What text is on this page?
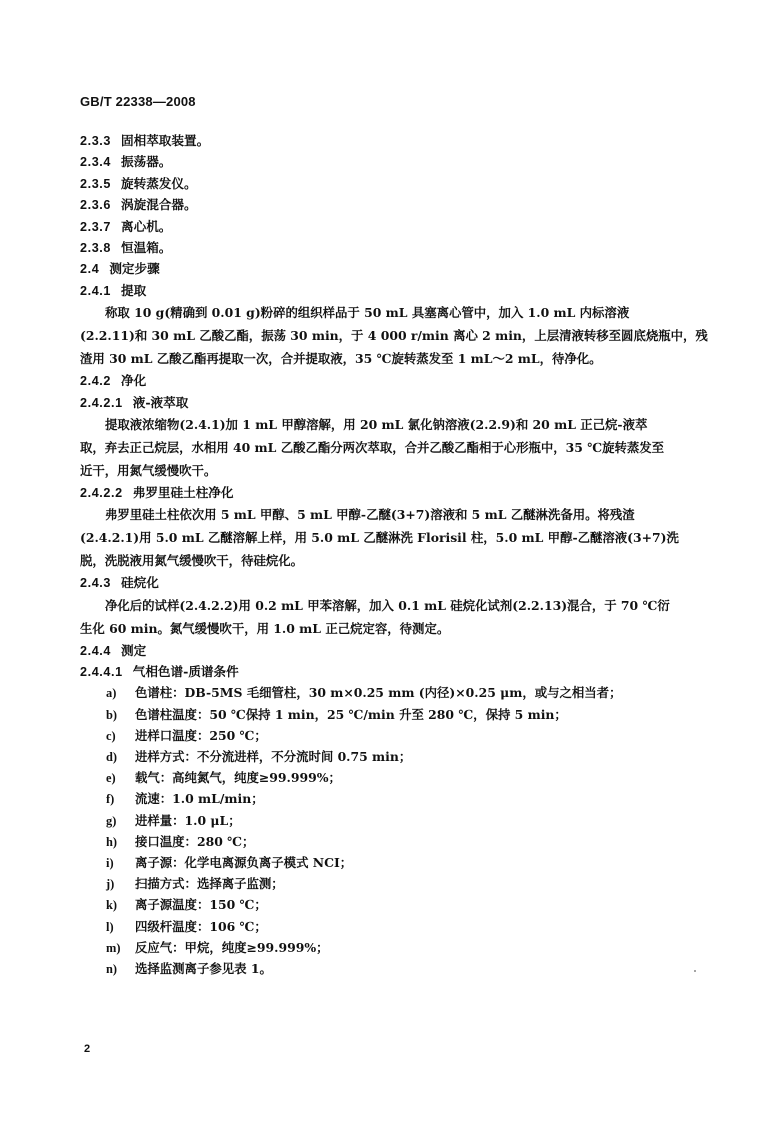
GB/T 22338—2008
2.3.3 固相萃取装置。
2.3.4 振荡器。
2.3.5 旋转蒸发仪。
2.3.6 涡旋混合器。
2.3.7 离心机。
2.3.8 恒温箱。
2.4 测定步骤
2.4.1 提取
称取 10 g(精确到 0.01 g)粉碎的组织样品于 50 mL 具塞离心管中，加入 1.0 mL 内标溶液
(2.2.11)和 30 mL 乙酸乙酯，振荡 30 min，于 4 000 r/min 离心 2 min，上层清液转移至圆底烧瓶中，残
渣用 30 mL 乙酸乙酯再提取一次，合并提取液，35 ℃旋转蒸发至 1 mL～2 mL，待净化。
2.4.2 净化
2.4.2.1 液-液萃取
提取液浓缩物(2.4.1)加 1 mL 甲醇溶解，用 20 mL 氯化钠溶液(2.2.9)和 20 mL 正己烷-液萃
取，弃去正己烷层，水相用 40 mL 乙酸乙酯分两次萃取，合并乙酸乙酯相于心形瓶中，35 ℃旋转蒸发至
近干，用氮气缓慢吹干。
2.4.2.2 弗罗里硅土柱净化
弗罗里硅土柱依次用 5 mL 甲醇、5 mL 甲醇-乙醚(3+7)溶液和 5 mL 乙醚淋洗备用。将残渣
(2.4.2.1)用 5.0 mL 乙醚溶解上样，用 5.0 mL 乙醚淋洗 Florisil 柱，5.0 mL 甲醇-乙醚溶液(3+7)洗
脱，洗脱液用氮气缓慢吹干，待硅烷化。
2.4.3 硅烷化
净化后的试样(2.4.2.2)用 0.2 mL 甲苯溶解，加入 0.1 mL 硅烷化试剂(2.2.13)混合，于 70 ℃衍
生化 60 min。氮气缓慢吹干，用 1.0 mL 正己烷定容，待测定。
2.4.4 测定
2.4.4.1 气相色谱-质谱条件
a) 色谱柱：DB-5MS 毛细管柱，30 m×0.25 mm (内径)×0.25 μm，或与之相当者；
b) 色谱柱温度：50 ℃保持 1 min，25 ℃/min 升至 280 ℃，保持 5 min；
c) 进样口温度：250 ℃；
d) 进样方式：不分流进样，不分流时间 0.75 min；
e) 载气：高纯氮气，纯度≥99.999%；
f) 流速：1.0 mL/min；
g) 进样量：1.0 μL；
h) 接口温度：280 ℃；
i) 离子源：化学电离源负离子模式 NCI；
j) 扫描方式：选择离子监测；
k) 离子源温度：150 ℃；
l) 四级杆温度：106 ℃；
m) 反应气：甲烷，纯度≥99.999%；
n) 选择监测离子参见表 1。
2
